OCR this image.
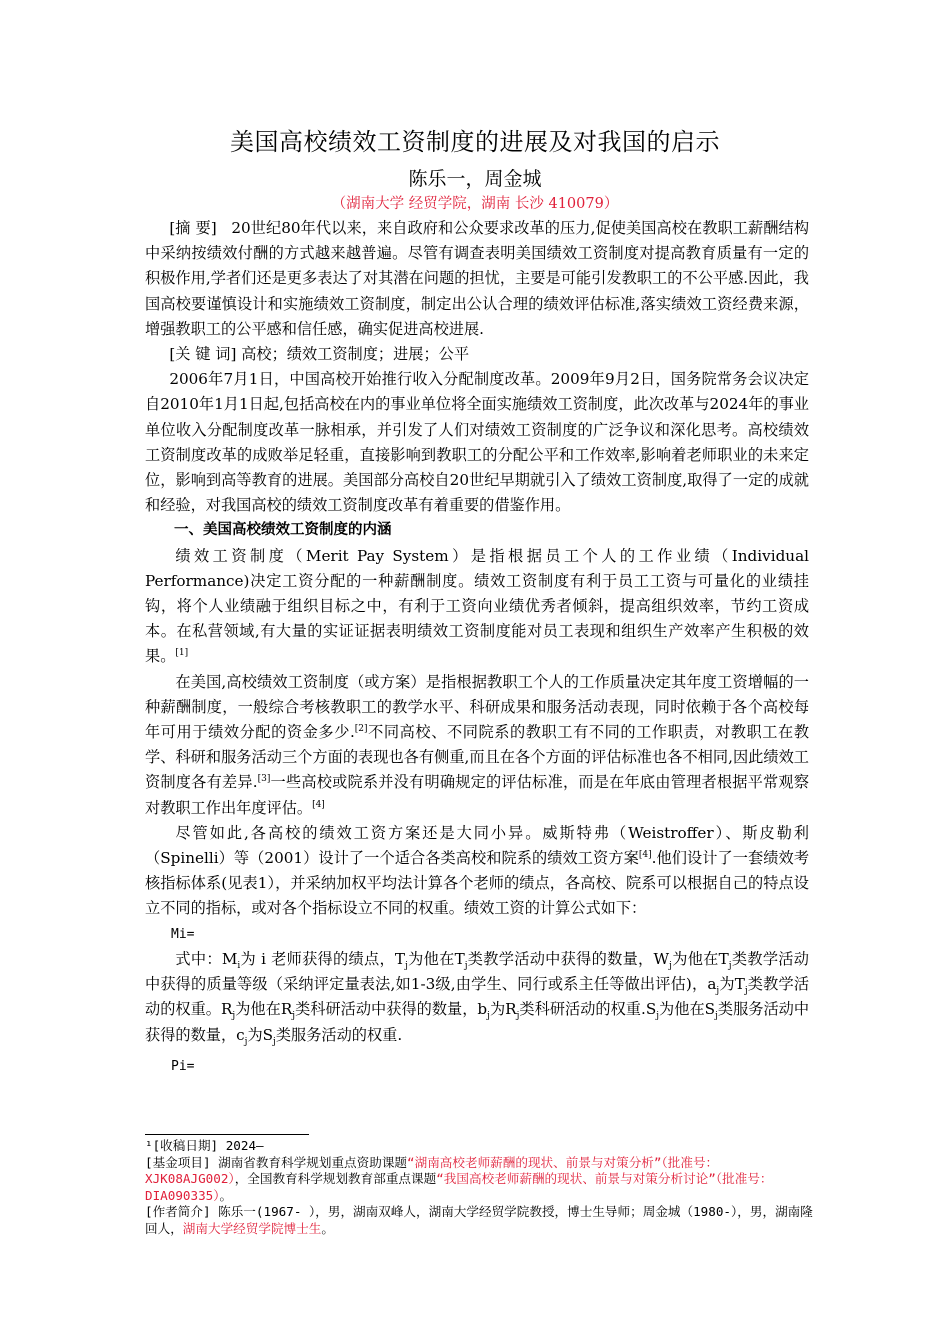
美国高校绩效工资制度的进展及对我国的启示
陈乐一，周金城
（湖南大学 经贸学院，湖南 长沙 410079）

[摘 要] 20世纪80年代以来，来自政府和公众要求改革的压力,促使美国高校在教职工薪酬结构中采纳按绩效付酬的方式越来越普遍。尽管有调查表明美国绩效工资制度对提高教育质量有一定的积极作用,学者们还是更多表达了对其潜在问题的担忧，主要是可能引发教职工的不公平感.因此，我国高校要谨慎设计和实施绩效工资制度，制定出公认合理的绩效评估标准,落实绩效工资经费来源，增强教职工的公平感和信任感，确实促进高校进展.

[关 键 词] 高校；绩效工资制度；进展；公平

2006年7月1日，中国高校开始推行收入分配制度改革。2009年9月2日，国务院常务会议决定自2010年1月1日起,包括高校在内的事业单位将全面实施绩效工资制度，此次改革与2024年的事业单位收入分配制度改革一脉相承，并引发了人们对绩效工资制度的广泛争议和深化思考。高校绩效工资制度改革的成败举足轻重，直接影响到教职工的分配公平和工作效率,影响着老师职业的未来定位，影响到高等教育的进展。美国部分高校自20世纪早期就引入了绩效工资制度,取得了一定的成就和经验，对我国高校的绩效工资制度改革有着重要的借鉴作用。

一、美国高校绩效工资制度的内涵

绩效工资制度（Merit Pay System）是指根据员工个人的工作业绩（Individual Performance)决定工资分配的一种薪酬制度。绩效工资制度有利于员工工资与可量化的业绩挂钩，将个人业绩融于组织目标之中，有利于工资向业绩优秀者倾斜，提高组织效率，节约工资成本。在私营领域,有大量的实证证据表明绩效工资制度能对员工表现和组织生产效率产生积极的效果。[1]

在美国,高校绩效工资制度（或方案）是指根据教职工个人的工作质量决定其年度工资增幅的一种薪酬制度，一般综合考核教职工的教学水平、科研成果和服务活动表现，同时依赖于各个高校每年可用于绩效分配的资金多少.[2]不同高校、不同院系的教职工有不同的工作职责，对教职工在教学、科研和服务活动三个方面的表现也各有侧重,而且在各个方面的评估标准也各不相同,因此绩效工资制度各有差异.[3]一些高校或院系并没有明确规定的评估标准，而是在年底由管理者根据平常观察对教职工作出年度评估。[4]

尽管如此,各高校的绩效工资方案还是大同小异。威斯特弗（Weistroffer）、斯皮勒利（Spinelli）等（2001）设计了一个适合各类高校和院系的绩效工资方案[4].他们设计了一套绩效考核指标体系(见表1），并采纳加权平均法计算各个老师的绩点，各高校、院系可以根据自己的特点设立不同的指标，或对各个指标设立不同的权重。绩效工资的计算公式如下：

Mi=

式中：$M_i$为 i 老师获得的绩点，$T_j$为他在$T_j$类教学活动中获得的数量，$W_j$为他在$T_j$类教学活动中获得的质量等级（采纳评定量表法,如1-3级,由学生、同行或系主任等做出评估)，$a_j$为$T_j$类教学活动的权重。$R_j$为他在$R_j$类科研活动中获得的数量，$b_j$为$R_j$类科研活动的权重$.S_j$为他在$S_j$类服务活动中获得的数量，$c_j$为$S_j$类服务活动的权重.

Pi=

¹[收稿日期] 2024—

[基金项目] 湖南省教育科学规划重点资助课题“湖南高校老师薪酬的现状、前景与对策分析”（批准号：XJK08AJG002），全国教育科学规划教育部重点课题“我国高校老师薪酬的现状、前景与对策分析讨论”（批准号：DIA090335）。

[作者简介] 陈乐一(1967- ），男，湖南双峰人，湖南大学经贸学院教授，博士生导师；周金城（1980-），男，湖南隆回人，湖南大学经贸学院博士生。
